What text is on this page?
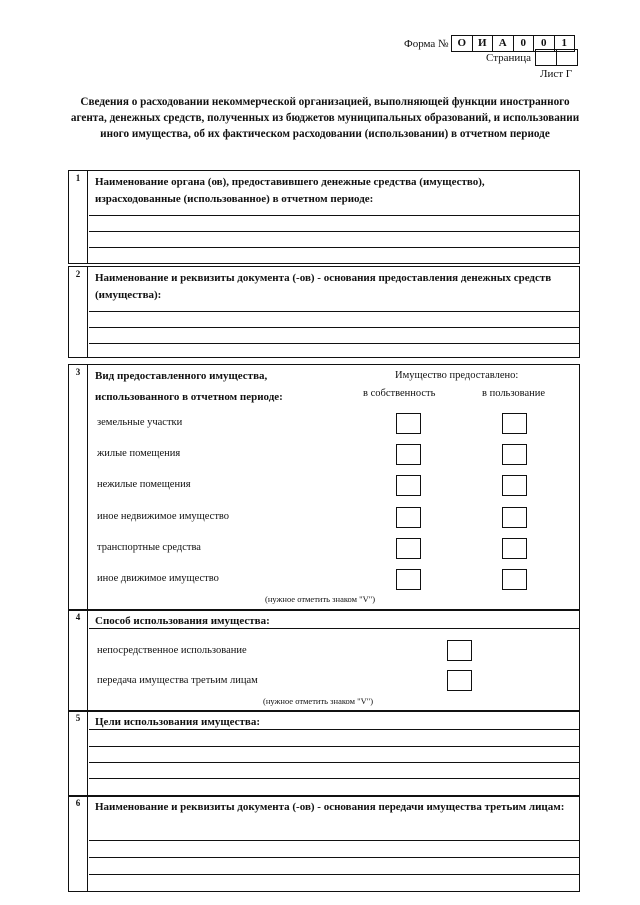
Форма № О	И	А	0	0	1
Страница
Лист Г
Сведения о расходовании некоммерческой организацией, выполняющей функции иностранного агента, денежных средств, полученных из бюджетов муниципальных образований, и использовании иного имущества, об их фактическом расходовании (использовании) в отчетном периоде
1	Наименование органа (ов), предоставившего денежные средства (имущество), израсходованные (использованное) в отчетном периоде:
2	Наименование и реквизиты документа (-ов) - основания предоставления денежных средств (имущества):
3	Вид предоставленного имущества,
использованного в отчетном периоде:
Имущество предоставлено:
в собственность	в пользование
земельные участки
жилые помещения
нежилые помещения
иное недвижимое имущество
транспортные средства
иное движимое имущество
(нужное отметить знаком "V")
4	Способ использования имущества:
непосредственное использование
передача имущества третьим лицам
(нужное отметить знаком "V")
5	Цели использования имущества:
6	Наименование и реквизиты документа (-ов) - основания передачи имущества третьим лицам:
